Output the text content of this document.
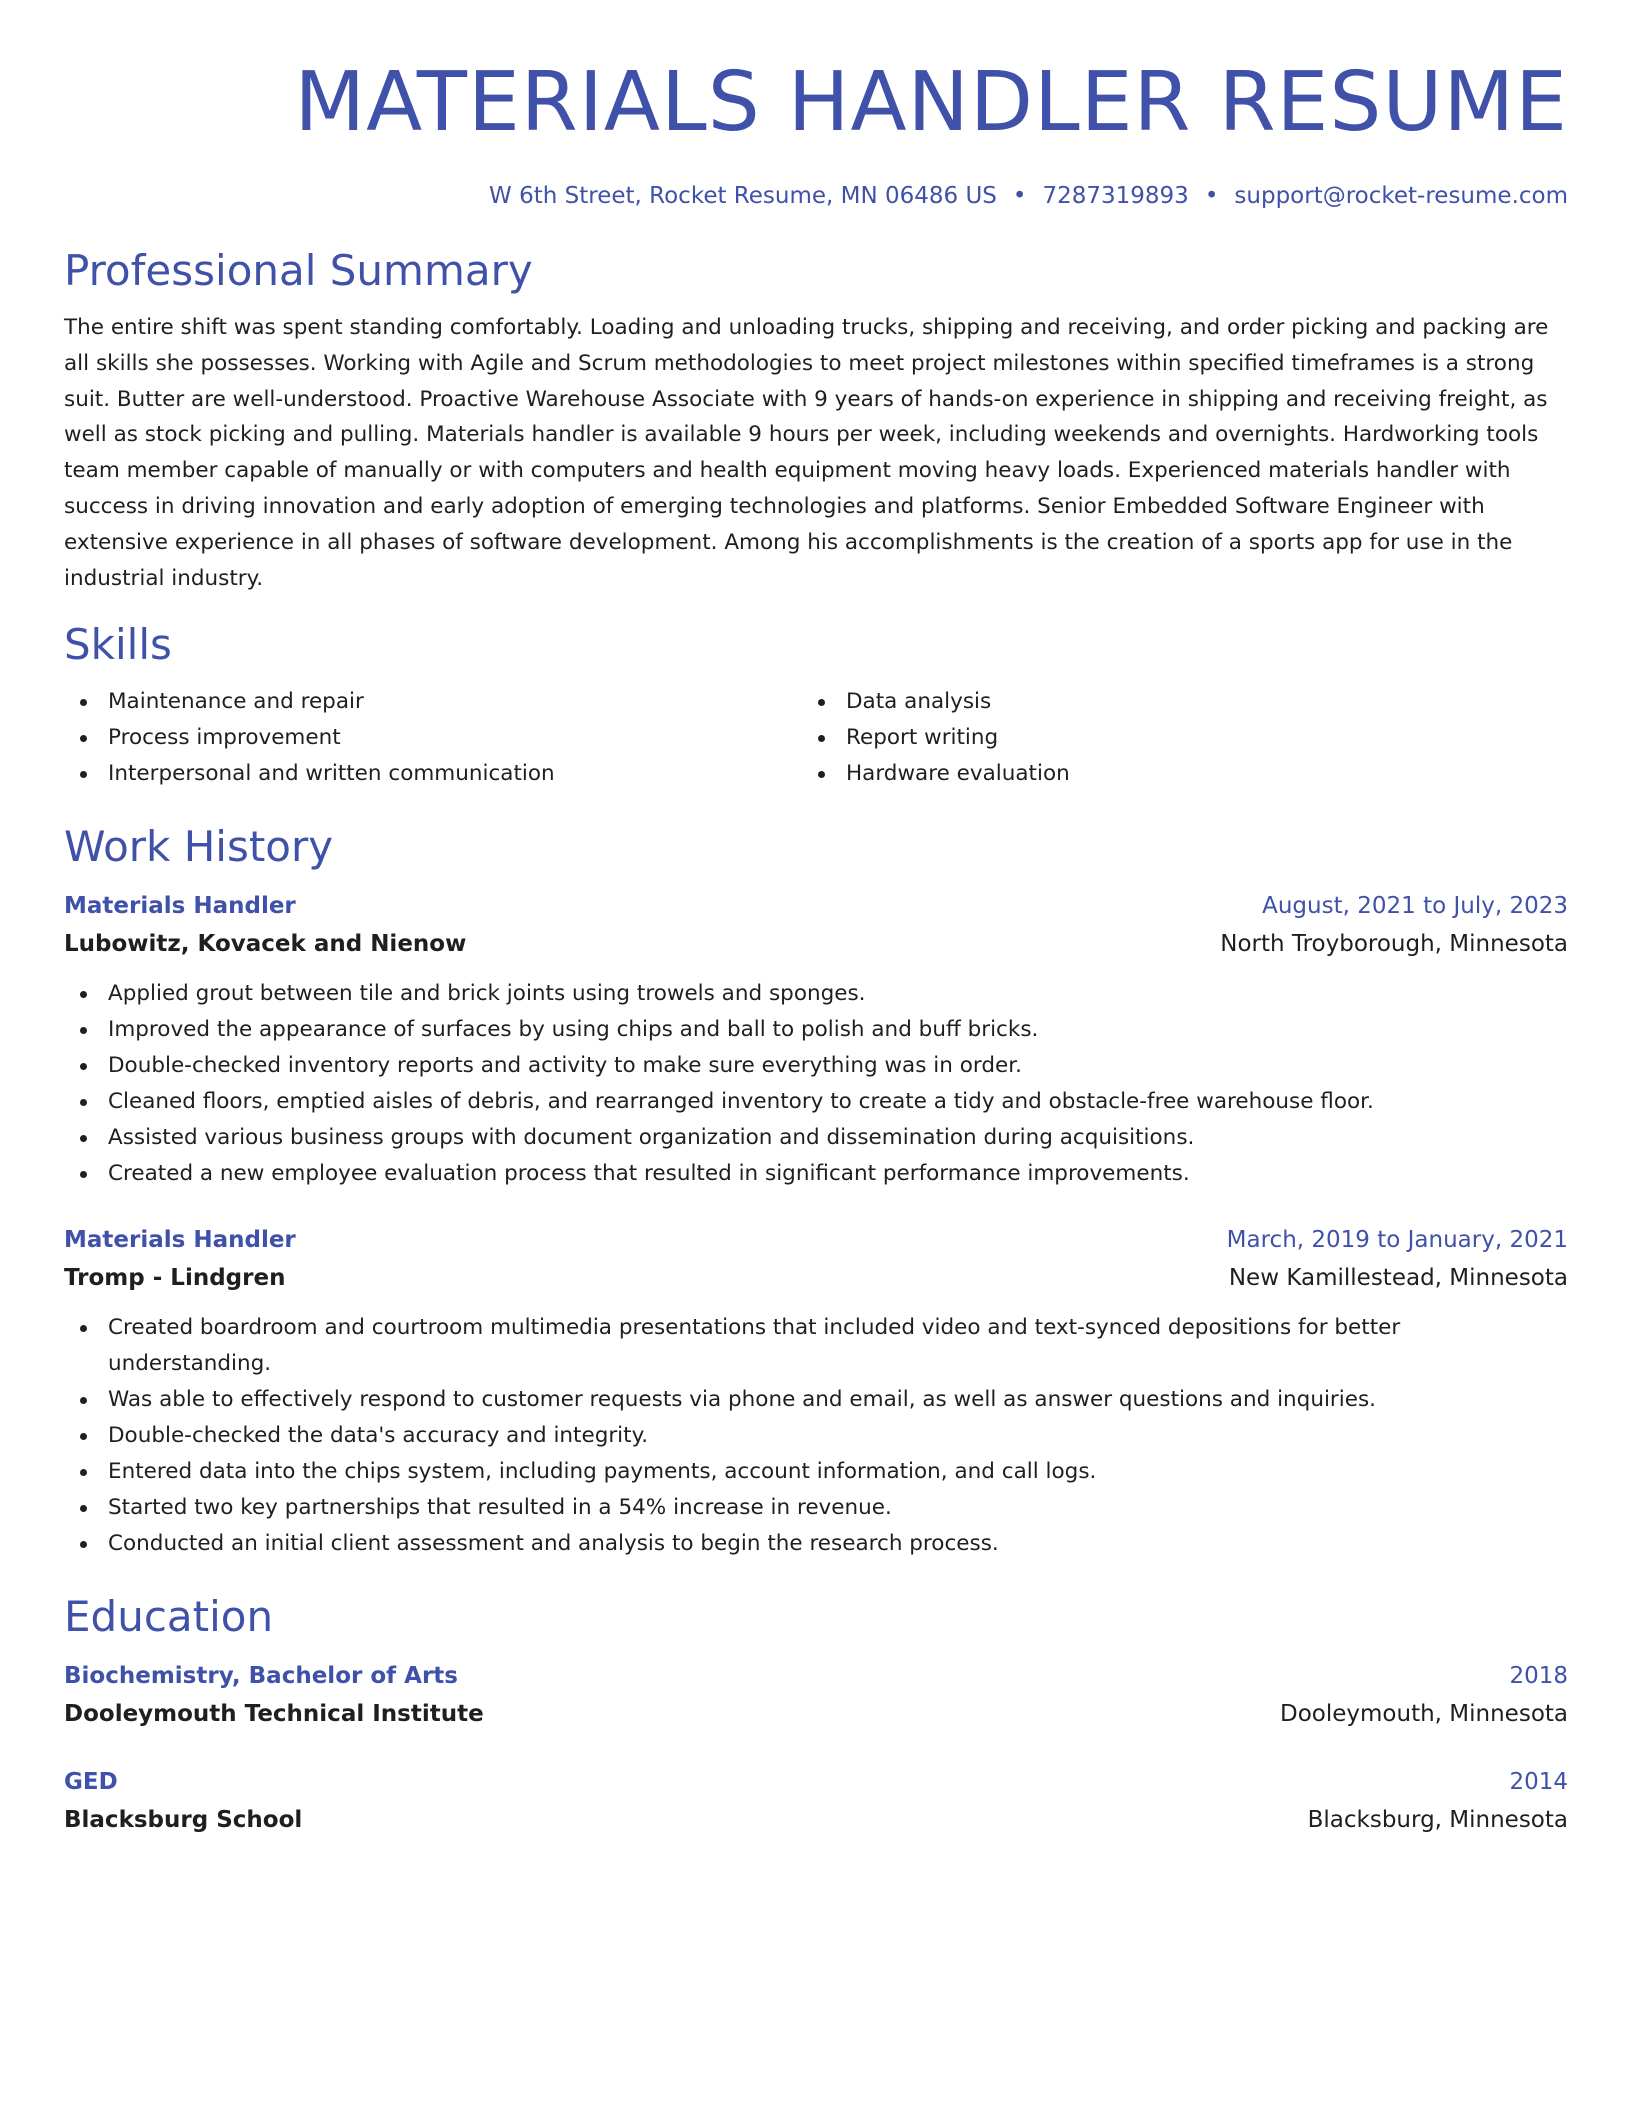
MATERIALS HANDLER RESUME
W 6th Street, Rocket Resume, MN 06486 US • 7287319893 • support@rocket-resume.com
Professional Summary

The entire shift was spent standing comfortably. Loading and unloading trucks, shipping and receiving, and order picking and packing are all skills she possesses. Working with Agile and Scrum methodologies to meet project milestones within specified timeframes is a strong suit. Butter are well-understood. Proactive Warehouse Associate with 9 years of hands-on experience in shipping and receiving freight, as well as stock picking and pulling. Materials handler is available 9 hours per week, including weekends and overnights. Hardworking tools team member capable of manually or with computers and health equipment moving heavy loads. Experienced materials handler with success in driving innovation and early adoption of emerging technologies and platforms. Senior Embedded Software Engineer with extensive experience in all phases of software development. Among his accomplishments is the creation of a sports app for use in the industrial industry.

Skills
Maintenance and repair
Process improvement
Interpersonal and written communication
Data analysis
Report writing
Hardware evaluation
Work History
Materials Handler	August, 2021 to July, 2023
Lubowitz, Kovacek and Nienow	North Troyborough, Minnesota
Applied grout between tile and brick joints using trowels and sponges.
Improved the appearance of surfaces by using chips and ball to polish and buff bricks.
Double-checked inventory reports and activity to make sure everything was in order.
Cleaned floors, emptied aisles of debris, and rearranged inventory to create a tidy and obstacle-free warehouse floor.
Assisted various business groups with document organization and dissemination during acquisitions.
Created a new employee evaluation process that resulted in significant performance improvements.
Materials Handler	March, 2019 to January, 2021
Tromp - Lindgren	New Kamillestead, Minnesota
Created boardroom and courtroom multimedia presentations that included video and text-synced depositions for better understanding.
Was able to effectively respond to customer requests via phone and email, as well as answer questions and inquiries.
Double-checked the data's accuracy and integrity.
Entered data into the chips system, including payments, account information, and call logs.
Started two key partnerships that resulted in a 54% increase in revenue.
Conducted an initial client assessment and analysis to begin the research process.
Education
Biochemistry, Bachelor of Arts	2018
Dooleymouth Technical Institute	Dooleymouth, Minnesota
GED	2014
Blacksburg School	Blacksburg, Minnesota
